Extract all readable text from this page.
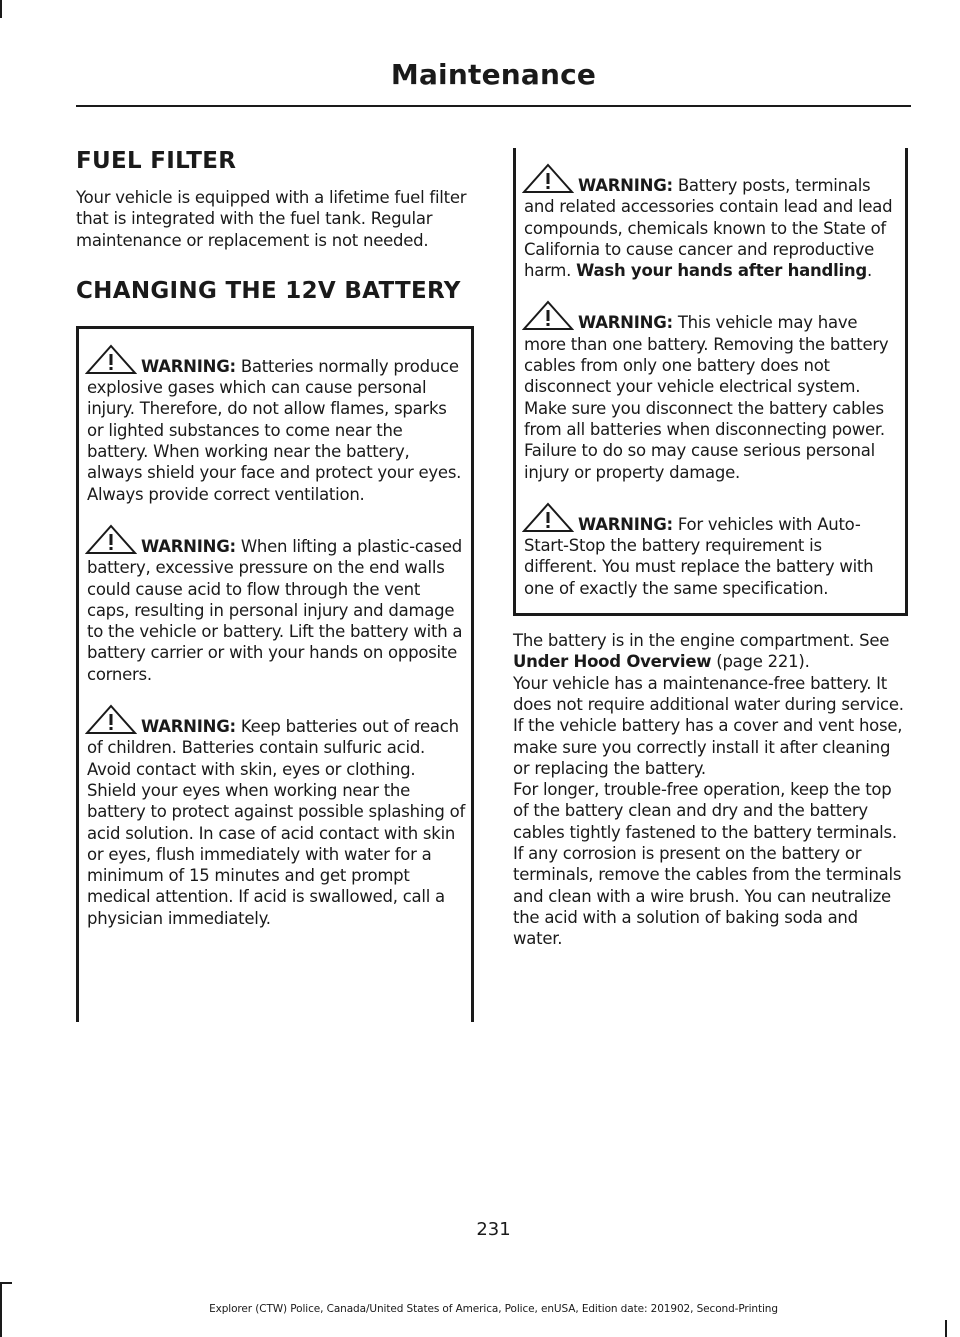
Maintenance
FUEL FILTER

Your vehicle is equipped with a lifetime fuel filter that is integrated with the fuel tank. Regular maintenance or replacement is not needed.

CHANGING THE 12V BATTERY

WARNING: Batteries normally produce explosive gases which can cause personal injury. Therefore, do not allow flames, sparks or lighted substances to come near the battery. When working near the battery, always shield your face and protect your eyes. Always provide correct ventilation.

WARNING: When lifting a plastic-cased battery, excessive pressure on the end walls could cause acid to flow through the vent caps, resulting in personal injury and damage to the vehicle or battery. Lift the battery with a battery carrier or with your hands on opposite corners.

WARNING: Keep batteries out of reach of children. Batteries contain sulfuric acid. Avoid contact with skin, eyes or clothing. Shield your eyes when working near the battery to protect against possible splashing of acid solution. In case of acid contact with skin or eyes, flush immediately with water for a minimum of 15 minutes and get prompt medical attention. If acid is swallowed, call a physician immediately.

WARNING: Battery posts, terminals and related accessories contain lead and lead compounds, chemicals known to the State of California to cause cancer and reproductive harm. Wash your hands after handling.

WARNING: This vehicle may have more than one battery. Removing the battery cables from only one battery does not disconnect your vehicle electrical system. Make sure you disconnect the battery cables from all batteries when disconnecting power. Failure to do so may cause serious personal injury or property damage.

WARNING: For vehicles with Auto-Start-Stop the battery requirement is different. You must replace the battery with one of exactly the same specification.

The battery is in the engine compartment. See Under Hood Overview (page 221).

Your vehicle has a maintenance-free battery. It does not require additional water during service.

If the vehicle battery has a cover and vent hose, make sure you correctly install it after cleaning or replacing the battery.

For longer, trouble-free operation, keep the top of the battery clean and dry and the battery cables tightly fastened to the battery terminals. If any corrosion is present on the battery or terminals, remove the cables from the terminals and clean with a wire brush. You can neutralize the acid with a solution of baking soda and water.

231
Explorer (CTW) Police, Canada/United States of America, Police, enUSA, Edition date: 201902, Second-Printing
